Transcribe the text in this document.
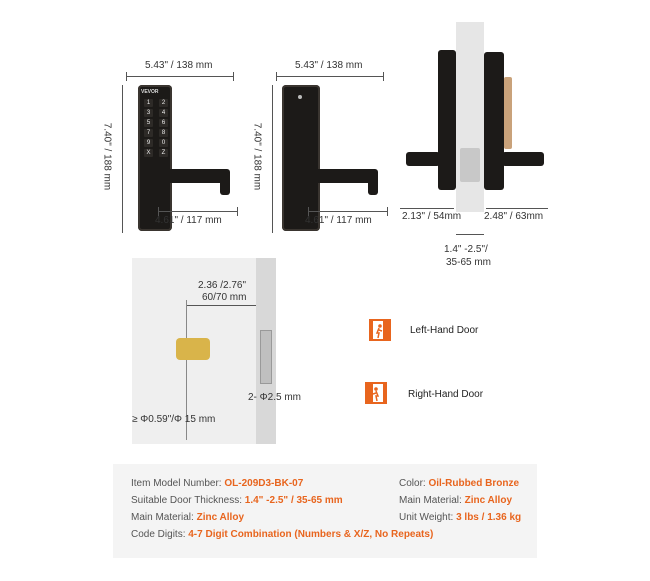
5.43" / 138 mm
7.40" / 188 mm
VEVOR
1	2
3	4
5	6
7	8
9	0
X	Z
4.61" / 117 mm
5.43" / 138 mm
7.40" / 188 mm
4.61" / 117 mm	2.13" / 54mm 2.48" / 63mm
1.4" -2.5"/
35-65 mm
2.36 /2.76"
60/70 mm
2- Φ2.5 mm
≥ Φ0.59"/Φ 15 mm
Left-Hand Door
Right-Hand Door
Item Model Number: OL-209D3-BK-07
Suitable Door Thickness: 1.4" -2.5" / 35-65 mm
Main Material: Zinc Alloy
Code Digits: 4-7 Digit Combination (Numbers & X/Z, No Repeats)
Color: Oil-Rubbed Bronze
Main Material: Zinc Alloy
Unit Weight: 3 lbs / 1.36 kg
